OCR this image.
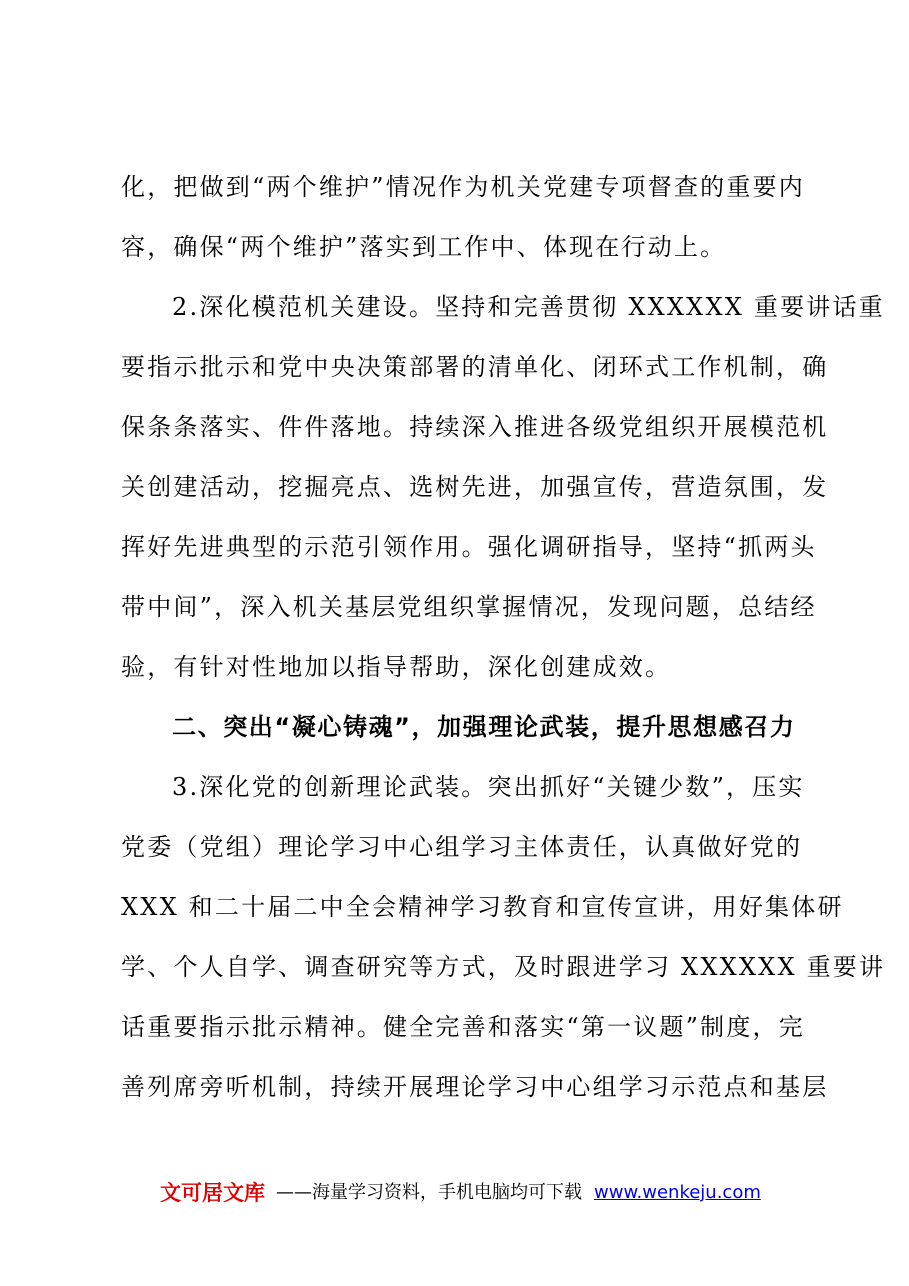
化，把做到“两个维护”情况作为机关党建专项督查的重要内
容，确保“两个维护”落实到工作中、体现在行动上。
2.深化模范机关建设。坚持和完善贯彻 XXXXXX 重要讲话重
要指示批示和党中央决策部署的清单化、闭环式工作机制，确
保条条落实、件件落地。持续深入推进各级党组织开展模范机
关创建活动，挖掘亮点、选树先进，加强宣传，营造氛围，发
挥好先进典型的示范引领作用。强化调研指导，坚持“抓两头
带中间”，深入机关基层党组织掌握情况，发现问题，总结经
验，有针对性地加以指导帮助，深化创建成效。
二、突出“凝心铸魂”，加强理论武装，提升思想感召力
3.深化党的创新理论武装。突出抓好“关键少数”，压实
党委（党组）理论学习中心组学习主体责任，认真做好党的
XXX 和二十届二中全会精神学习教育和宣传宣讲，用好集体研
学、个人自学、调查研究等方式，及时跟进学习 XXXXXX 重要讲
话重要指示批示精神。健全完善和落实“第一议题”制度，完
善列席旁听机制，持续开展理论学习中心组学习示范点和基层
文可居文库 ——海量学习资料，手机电脑均可下载 www.wenkeju.com
